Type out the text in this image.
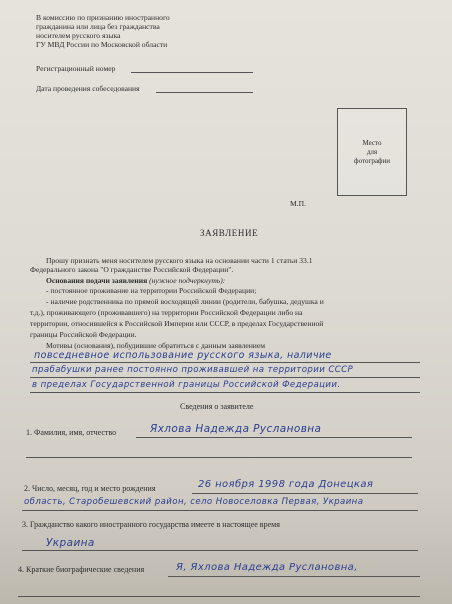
В комиссию по признанию иностранного
гражданина или лица без гражданства
носителем русского языка
ГУ МВД России по Московской области
Регистрационный номер
Дата проведения собеседования
Место
для
фотографии
М.П.
ЗАЯВЛЕНИЕ
Прошу признать меня носителем русского языка на основании части 1 статьи 33.1
Федерального закона "О гражданстве Российской Федерации".
Основания подачи заявления (нужное подчеркнуть):
- постоянное проживание на территории Российской Федерации;
- наличие родственника по прямой восходящей линии (родители, бабушка, дедушка и
т.д.), проживающего (проживавшего) на территории Российской Федерации либо на
территории, относившейся к Российской Империи или СССР, в пределах Государственной
границы Российской Федерации.
Мотивы (основания), побудившие обратиться с данным заявлением
повседневное использование русского языка, наличие
прабабушки ранее постоянно проживавшей на территории СССР
в пределах Государственной границы Российской Федерации.
Сведения о заявителе
1. Фамилия, имя, отчество	Яхлова Надежда Руслановна
2. Число, месяц, год и место рождения	26 ноября 1998 года Донецкая
область, Старобешевский район, село Новоселовка Первая, Украина
3. Гражданство какого иностранного государства имеете в настоящее время
Украина
4. Краткие биографические сведения	Я, Яхлова Надежда Руслановна,
